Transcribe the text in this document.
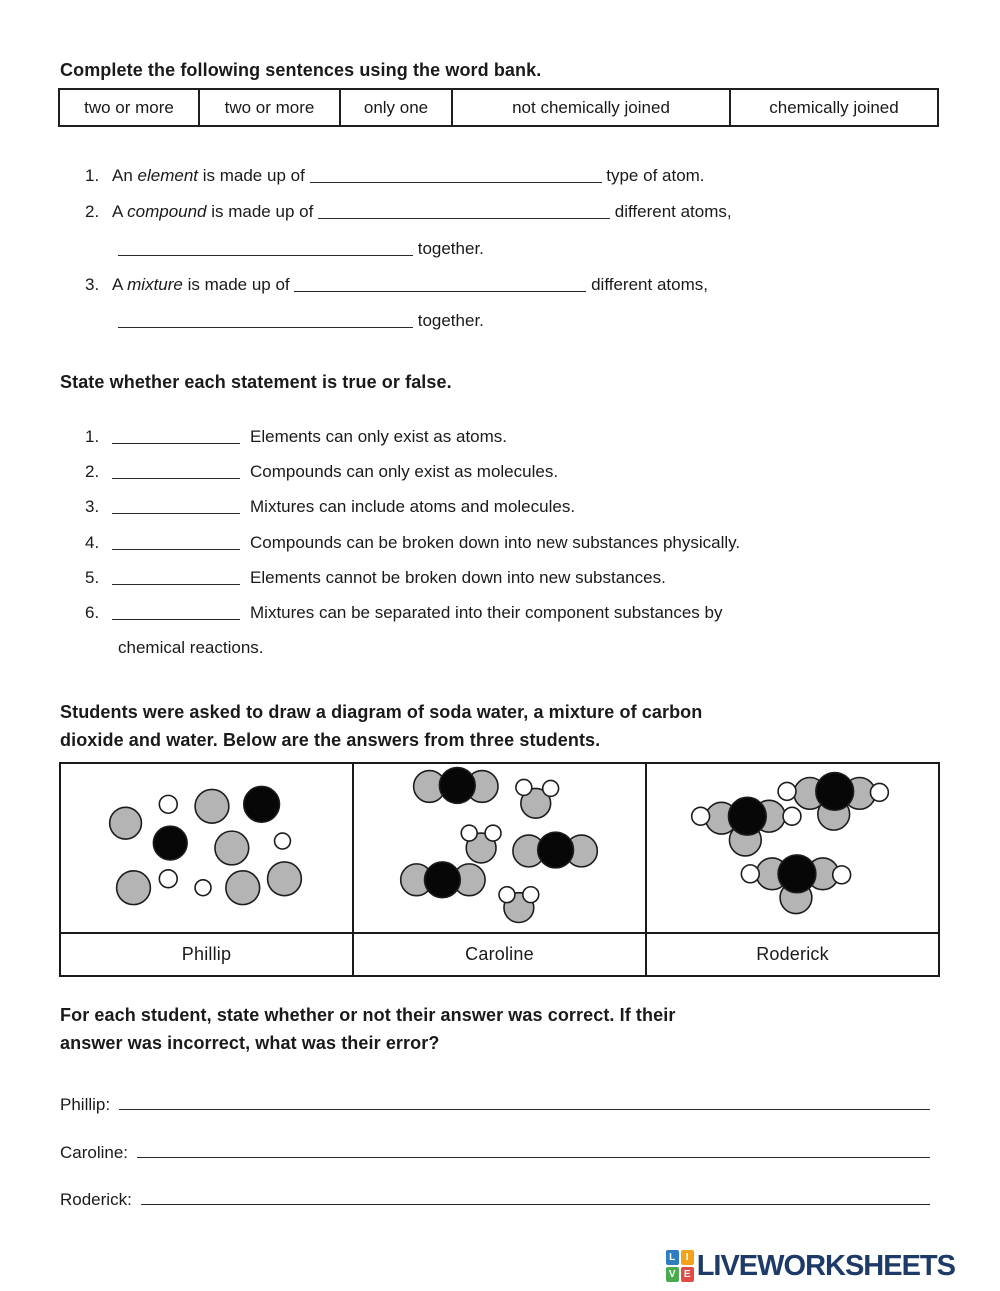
Complete the following sentences using the word bank.
two or more	two or more	only one	not chemically joined	chemically joined
1. An element is made up of	type of atom.
2. A compound is made up of	different atoms,
together.
3. A mixture is made up of	different atoms,
together.
State whether each statement is true or false.
1.	Elements can only exist as atoms.
2.	Compounds can only exist as molecules.
3.	Mixtures can include atoms and molecules.
4.	Compounds can be broken down into new substances physically.
5.	Elements cannot be broken down into new substances.
6.	Mixtures can be separated into their component substances by
chemical reactions.
Students were asked to draw a diagram of soda water, a mixture of carbon
dioxide and water. Below are the answers from three students.
Phillip	Caroline	Roderick
For each student, state whether or not their answer was correct. If their
answer was incorrect, what was their error?
Phillip:
Caroline:
Roderick:
L	I
V E LIVEWORKSHEETS
